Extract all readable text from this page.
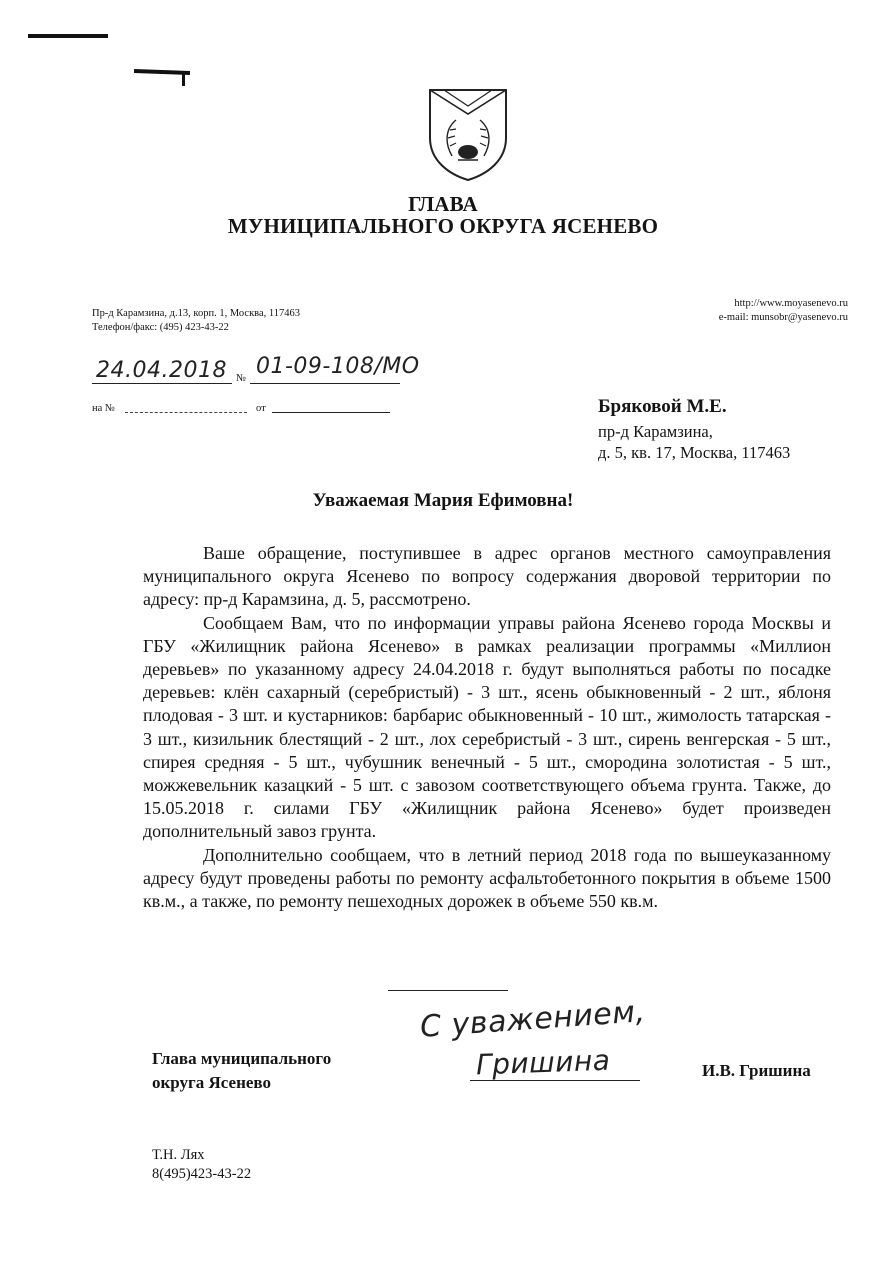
ГЛАВА
МУНИЦИПАЛЬНОГО ОКРУГА ЯСЕНЕВО
Пр-д Карамзина, д.13, корп. 1, Москва, 117463
Телефон/факс: (495) 423-43-22
http://www.moyasenevo.ru
e-mail: munsobr@yasenevo.ru
24.04.2018 № 01-09-108/МО
на №	от	Бряковой М.Е.
пр-д Карамзина,
д. 5, кв. 17, Москва, 117463
Уважаемая Мария Ефимовна!

Ваше обращение, поступившее в адрес органов местного самоуправления муниципального округа Ясенево по вопросу содержания дворовой территории по адресу: пр-д Карамзина, д. 5, рассмотрено.

Сообщаем Вам, что по информации управы района Ясенево города Москвы и ГБУ «Жилищник района Ясенево» в рамках реализации программы «Миллион деревьев» по указанному адресу 24.04.2018 г. будут выполняться работы по посадке деревьев: клён сахарный (серебристый) - 3 шт., ясень обыкновенный - 2 шт., яблоня плодовая - 3 шт. и кустарников: барбарис обыкновенный - 10 шт., жимолость татарская - 3 шт., кизильник блестящий - 2 шт., лох серебристый - 3 шт., сирень венгерская - 5 шт., спирея средняя - 5 шт., чубушник венечный - 5 шт., смородина золотистая - 5 шт., можжевельник казацкий - 5 шт. с завозом соответствующего объема грунта. Также, до 15.05.2018 г. силами ГБУ «Жилищник района Ясенево» будет произведен дополнительный завоз грунта.

Дополнительно сообщаем, что в летний период 2018 года по вышеуказанному адресу будут проведены работы по ремонту асфальтобетонного покрытия в объеме 1500 кв.м., а также, по ремонту пешеходных дорожек в объеме 550 кв.м.

Глава муниципального
округа Ясенево
С уважением,
Гришина	И.В. Гришина
Т.Н. Лях
8(495)423-43-22
